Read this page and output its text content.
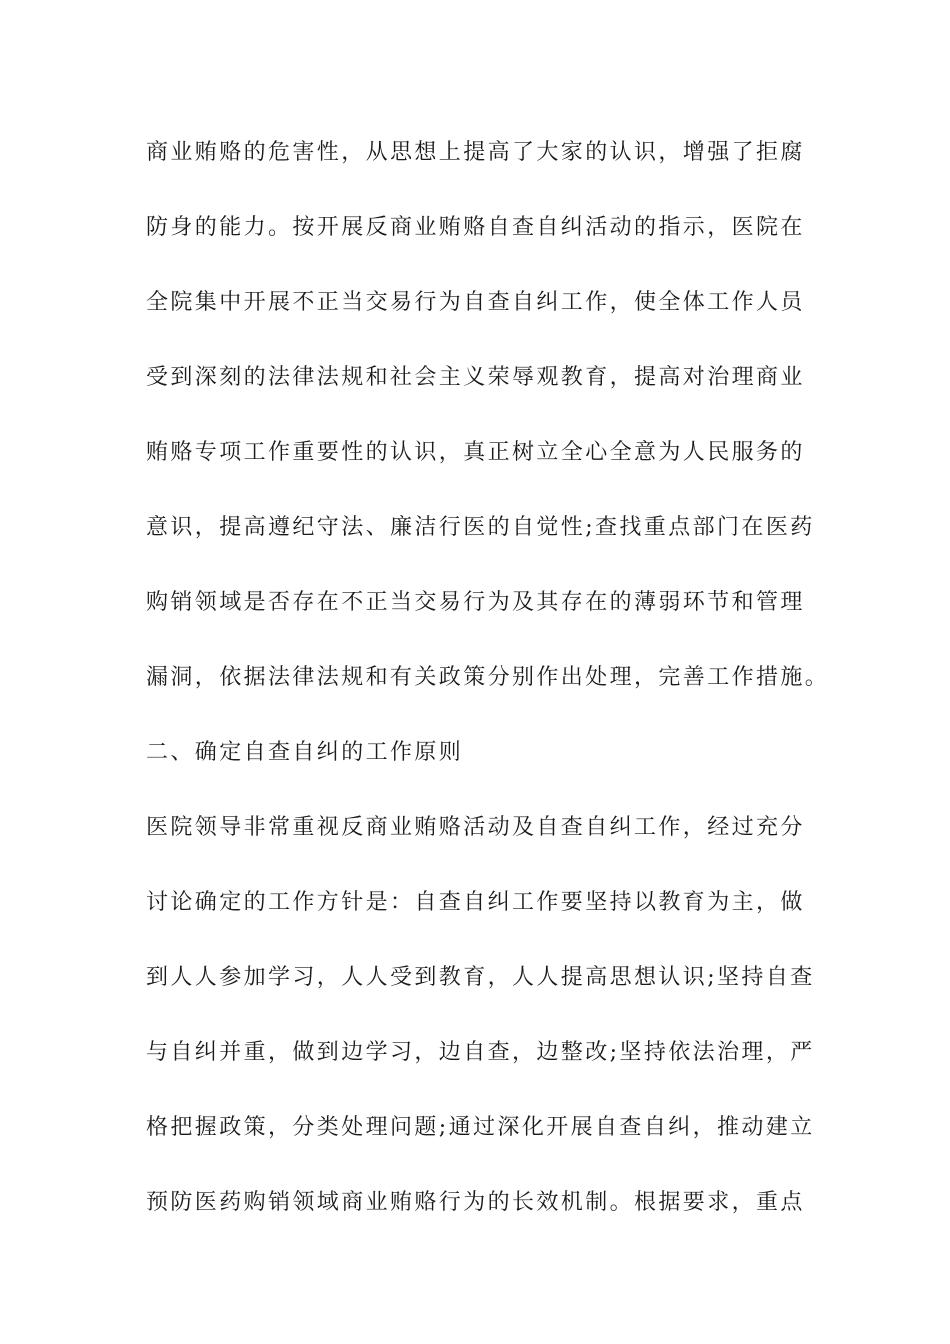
商业贿赂的危害性，从思想上提高了大家的认识，增强了拒腐
防身的能力。按开展反商业贿赂自查自纠活动的指示，医院在
全院集中开展不正当交易行为自查自纠工作，使全体工作人员
受到深刻的法律法规和社会主义荣辱观教育，提高对治理商业
贿赂专项工作重要性的认识，真正树立全心全意为人民服务的
意识，提高遵纪守法、廉洁行医的自觉性;查找重点部门在医药
购销领域是否存在不正当交易行为及其存在的薄弱环节和管理
漏洞，依据法律法规和有关政策分别作出处理，完善工作措施。
二、确定自查自纠的工作原则
医院领导非常重视反商业贿赂活动及自查自纠工作，经过充分
讨论确定的工作方针是：自查自纠工作要坚持以教育为主，做
到人人参加学习，人人受到教育，人人提高思想认识;坚持自查
与自纠并重，做到边学习，边自查，边整改;坚持依法治理，严
格把握政策，分类处理问题;通过深化开展自查自纠，推动建立
预防医药购销领域商业贿赂行为的长效机制。根据要求，重点
